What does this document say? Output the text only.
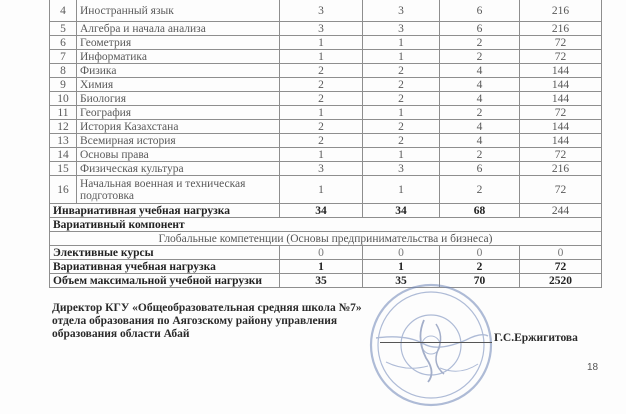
4	Иностранный язык	3	3	6	216
5	Алгебра и начала анализа	3	3	6	216
6	Геометрия	1	1	2	72
7	Информатика	1	1	2	72
8	Физика	2	2	4	144
9	Химия	2	2	4	144
10	Биология	2	2	4	144
11	География	1	1	2	72
12	История Казахстана	2	2	4	144
13	Всемирная история	2	2	4	144
14	Основы права	1	1	2	72
15	Физическая культура	3	3	6	216
16	Начальная военная и техническая подготовка	1	1	2	72
Инвариативная учебная нагрузка		34	34	68	244
Вариативный компонент					
Глобальные компетенции (Основы предпринимательства и бизнеса)					
Элективные курсы		0	0	0	0
Вариативная учебная нагрузка		1	1	2	72
Объем максимальной учебной нагрузки		35	35	70	2520
Директор КГУ «Общеобразовательная средняя школа №7»
отдела образования по Аягозскому району управления
образования области Абай	Г.С.Ержигитова
18
